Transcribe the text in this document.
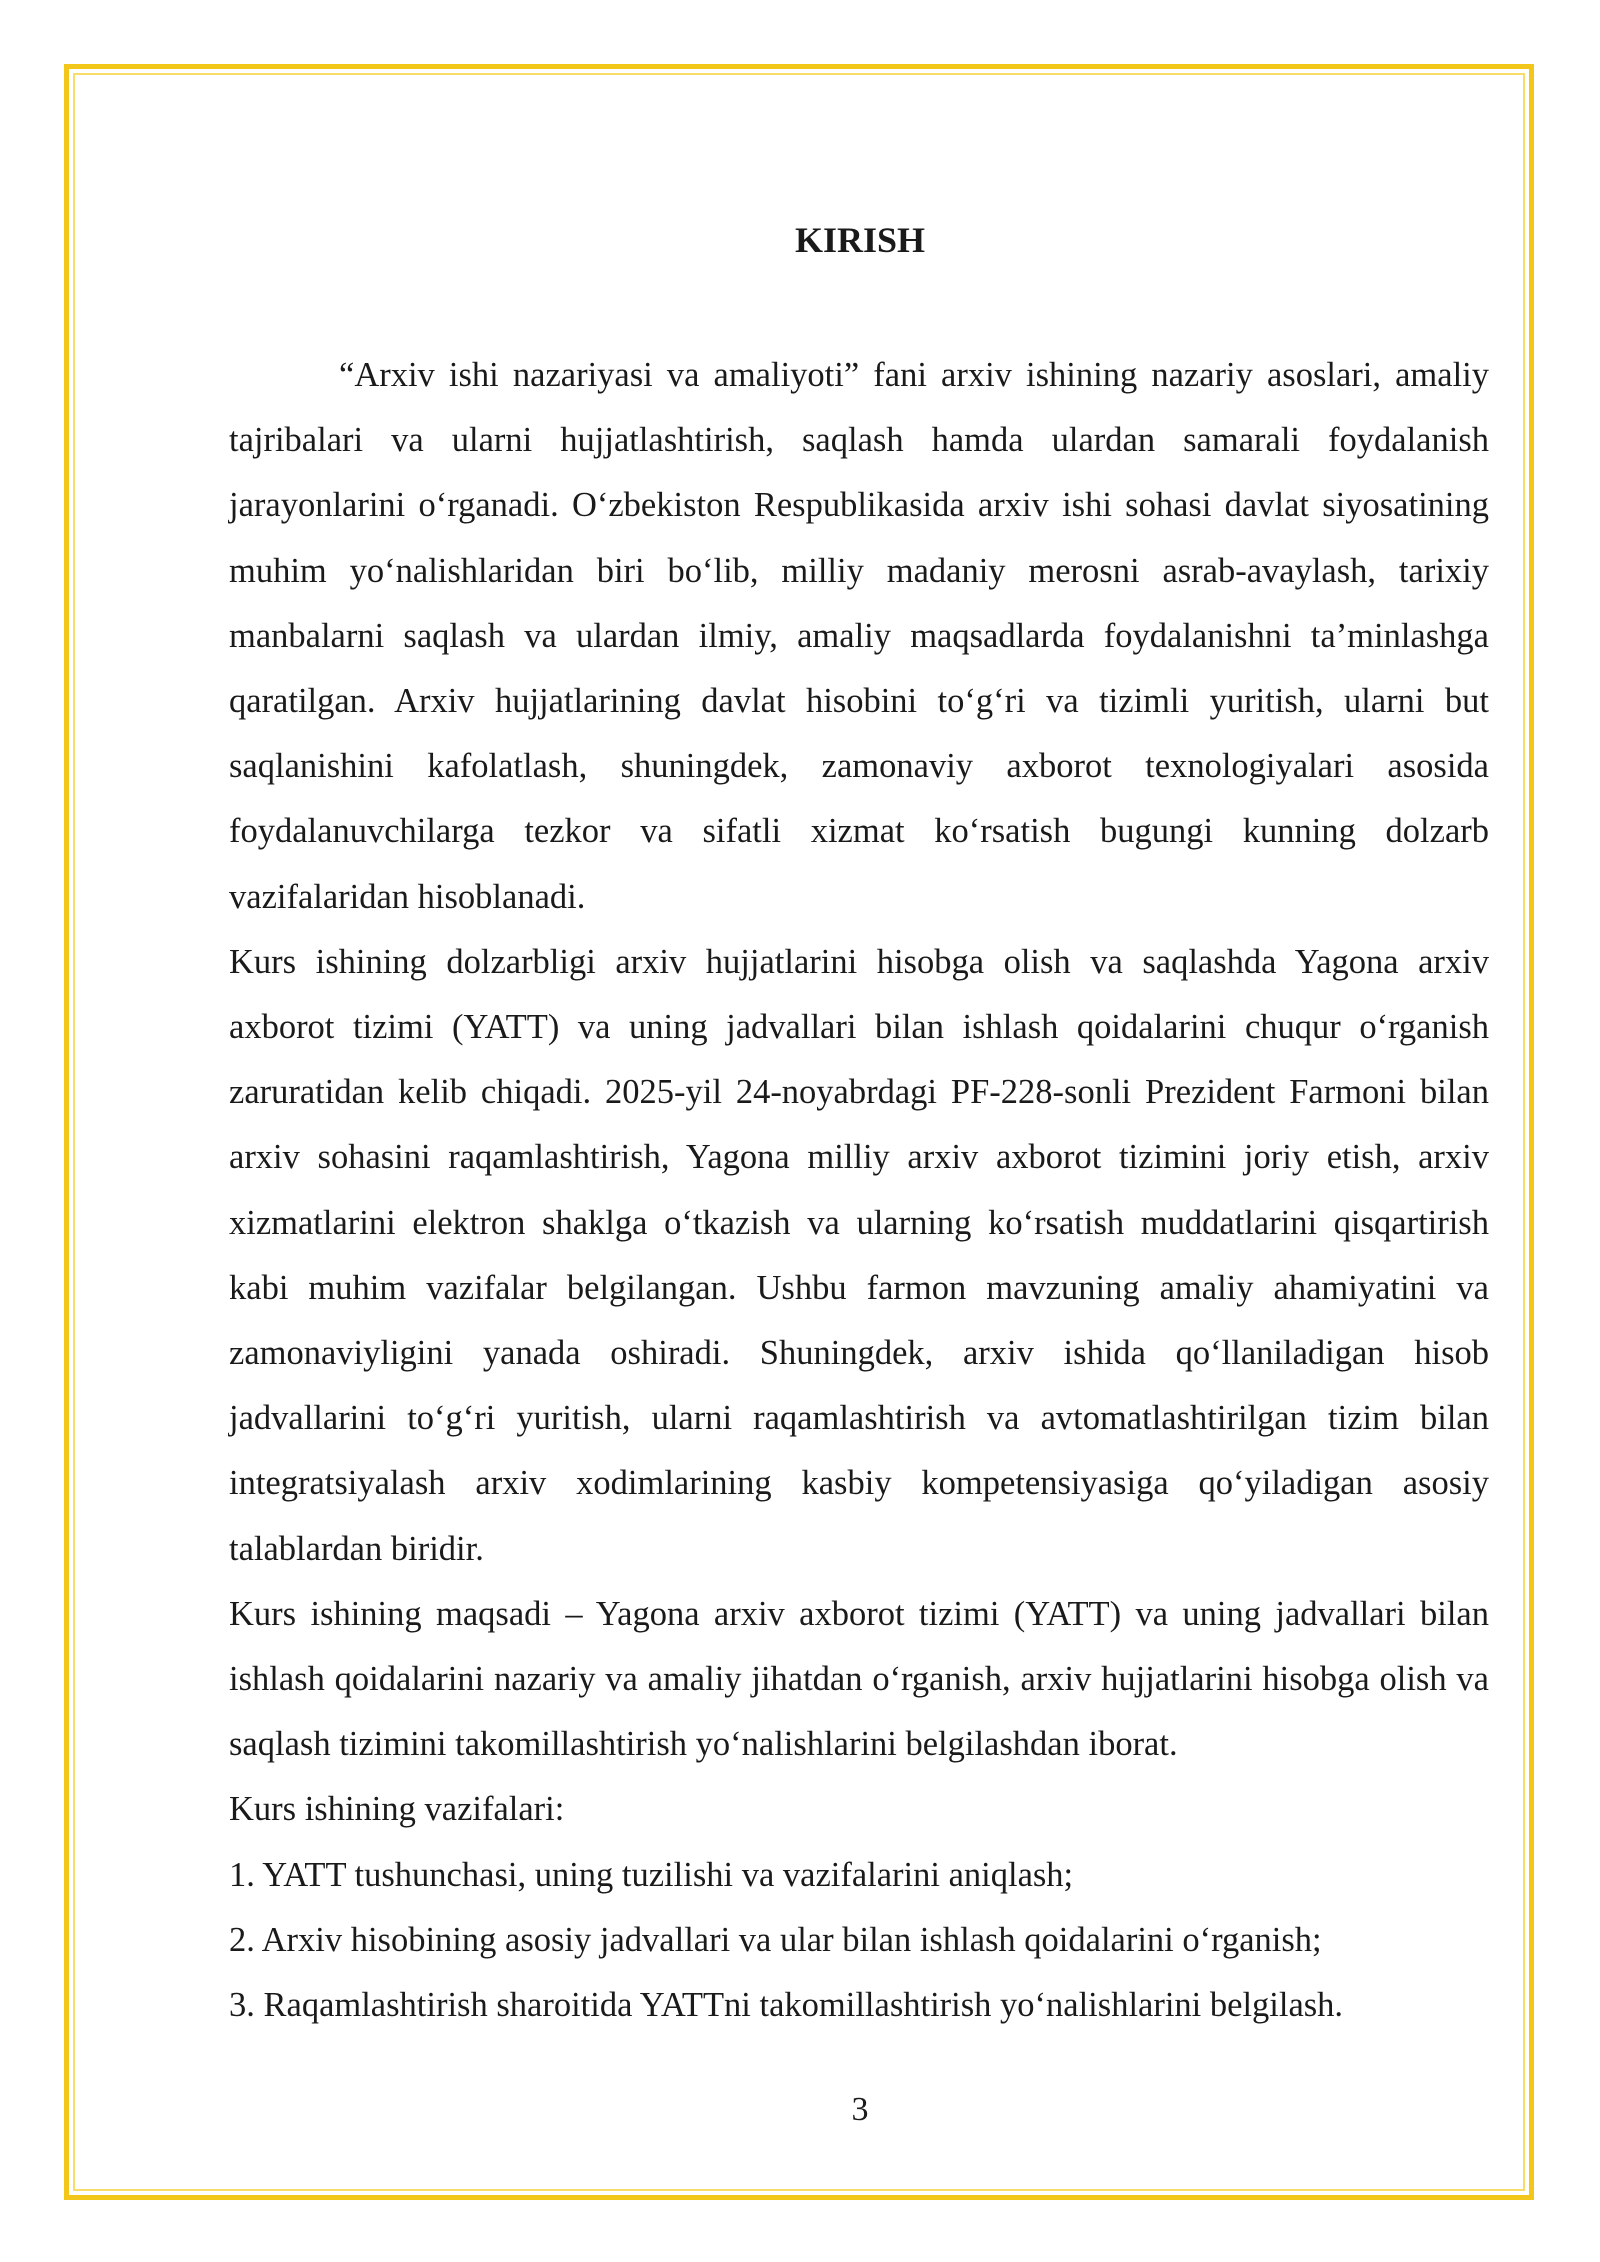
KIRISH

“Arxiv ishi nazariyasi va amaliyoti” fani arxiv ishining nazariy asoslari, amaliy tajribalari va ularni hujjatlashtirish, saqlash hamda ulardan samarali foydalanish jarayonlarini o‘rganadi. O‘zbekiston Respublikasida arxiv ishi sohasi davlat siyosatining muhim yo‘nalishlaridan biri bo‘lib, milliy madaniy merosni asrab-avaylash, tarixiy manbalarni saqlash va ulardan ilmiy, amaliy maqsadlarda foydalanishni ta’minlashga qaratilgan. Arxiv hujjatlarining davlat hisobini to‘g‘ri va tizimli yuritish, ularni but saqlanishini kafolatlash, shuningdek, zamonaviy axborot texnologiyalari asosida foydalanuvchilarga tezkor va sifatli xizmat ko‘rsatish bugungi kunning dolzarb vazifalaridan hisoblanadi.

Kurs ishining dolzarbligi arxiv hujjatlarini hisobga olish va saqlashda Yagona arxiv axborot tizimi (YATT) va uning jadvallari bilan ishlash qoidalarini chuqur o‘rganish zaruratidan kelib chiqadi. 2025-yil 24-noyabrdagi PF-228-sonli Prezident Farmoni bilan arxiv sohasini raqamlashtirish, Yagona milliy arxiv axborot tizimini joriy etish, arxiv xizmatlarini elektron shaklga o‘tkazish va ularning ko‘rsatish muddatlarini qisqartirish kabi muhim vazifalar belgilangan. Ushbu farmon mavzuning amaliy ahamiyatini va zamonaviyligini yanada oshiradi. Shuningdek, arxiv ishida qo‘llaniladigan hisob jadvallarini to‘g‘ri yuritish, ularni raqamlashtirish va avtomatlashtirilgan tizim bilan integratsiyalash arxiv xodimlarining kasbiy kompetensiyasiga qo‘yiladigan asosiy talablardan biridir.

Kurs ishining maqsadi – Yagona arxiv axborot tizimi (YATT) va uning jadvallari bilan ishlash qoidalarini nazariy va amaliy jihatdan o‘rganish, arxiv hujjatlarini hisobga olish va saqlash tizimini takomillashtirish yo‘nalishlarini belgilashdan iborat.

Kurs ishining vazifalari:

1. YATT tushunchasi, uning tuzilishi va vazifalarini aniqlash;

2. Arxiv hisobining asosiy jadvallari va ular bilan ishlash qoidalarini o‘rganish;

3. Raqamlashtirish sharoitida YATTni takomillashtirish yo‘nalishlarini belgilash.

3
